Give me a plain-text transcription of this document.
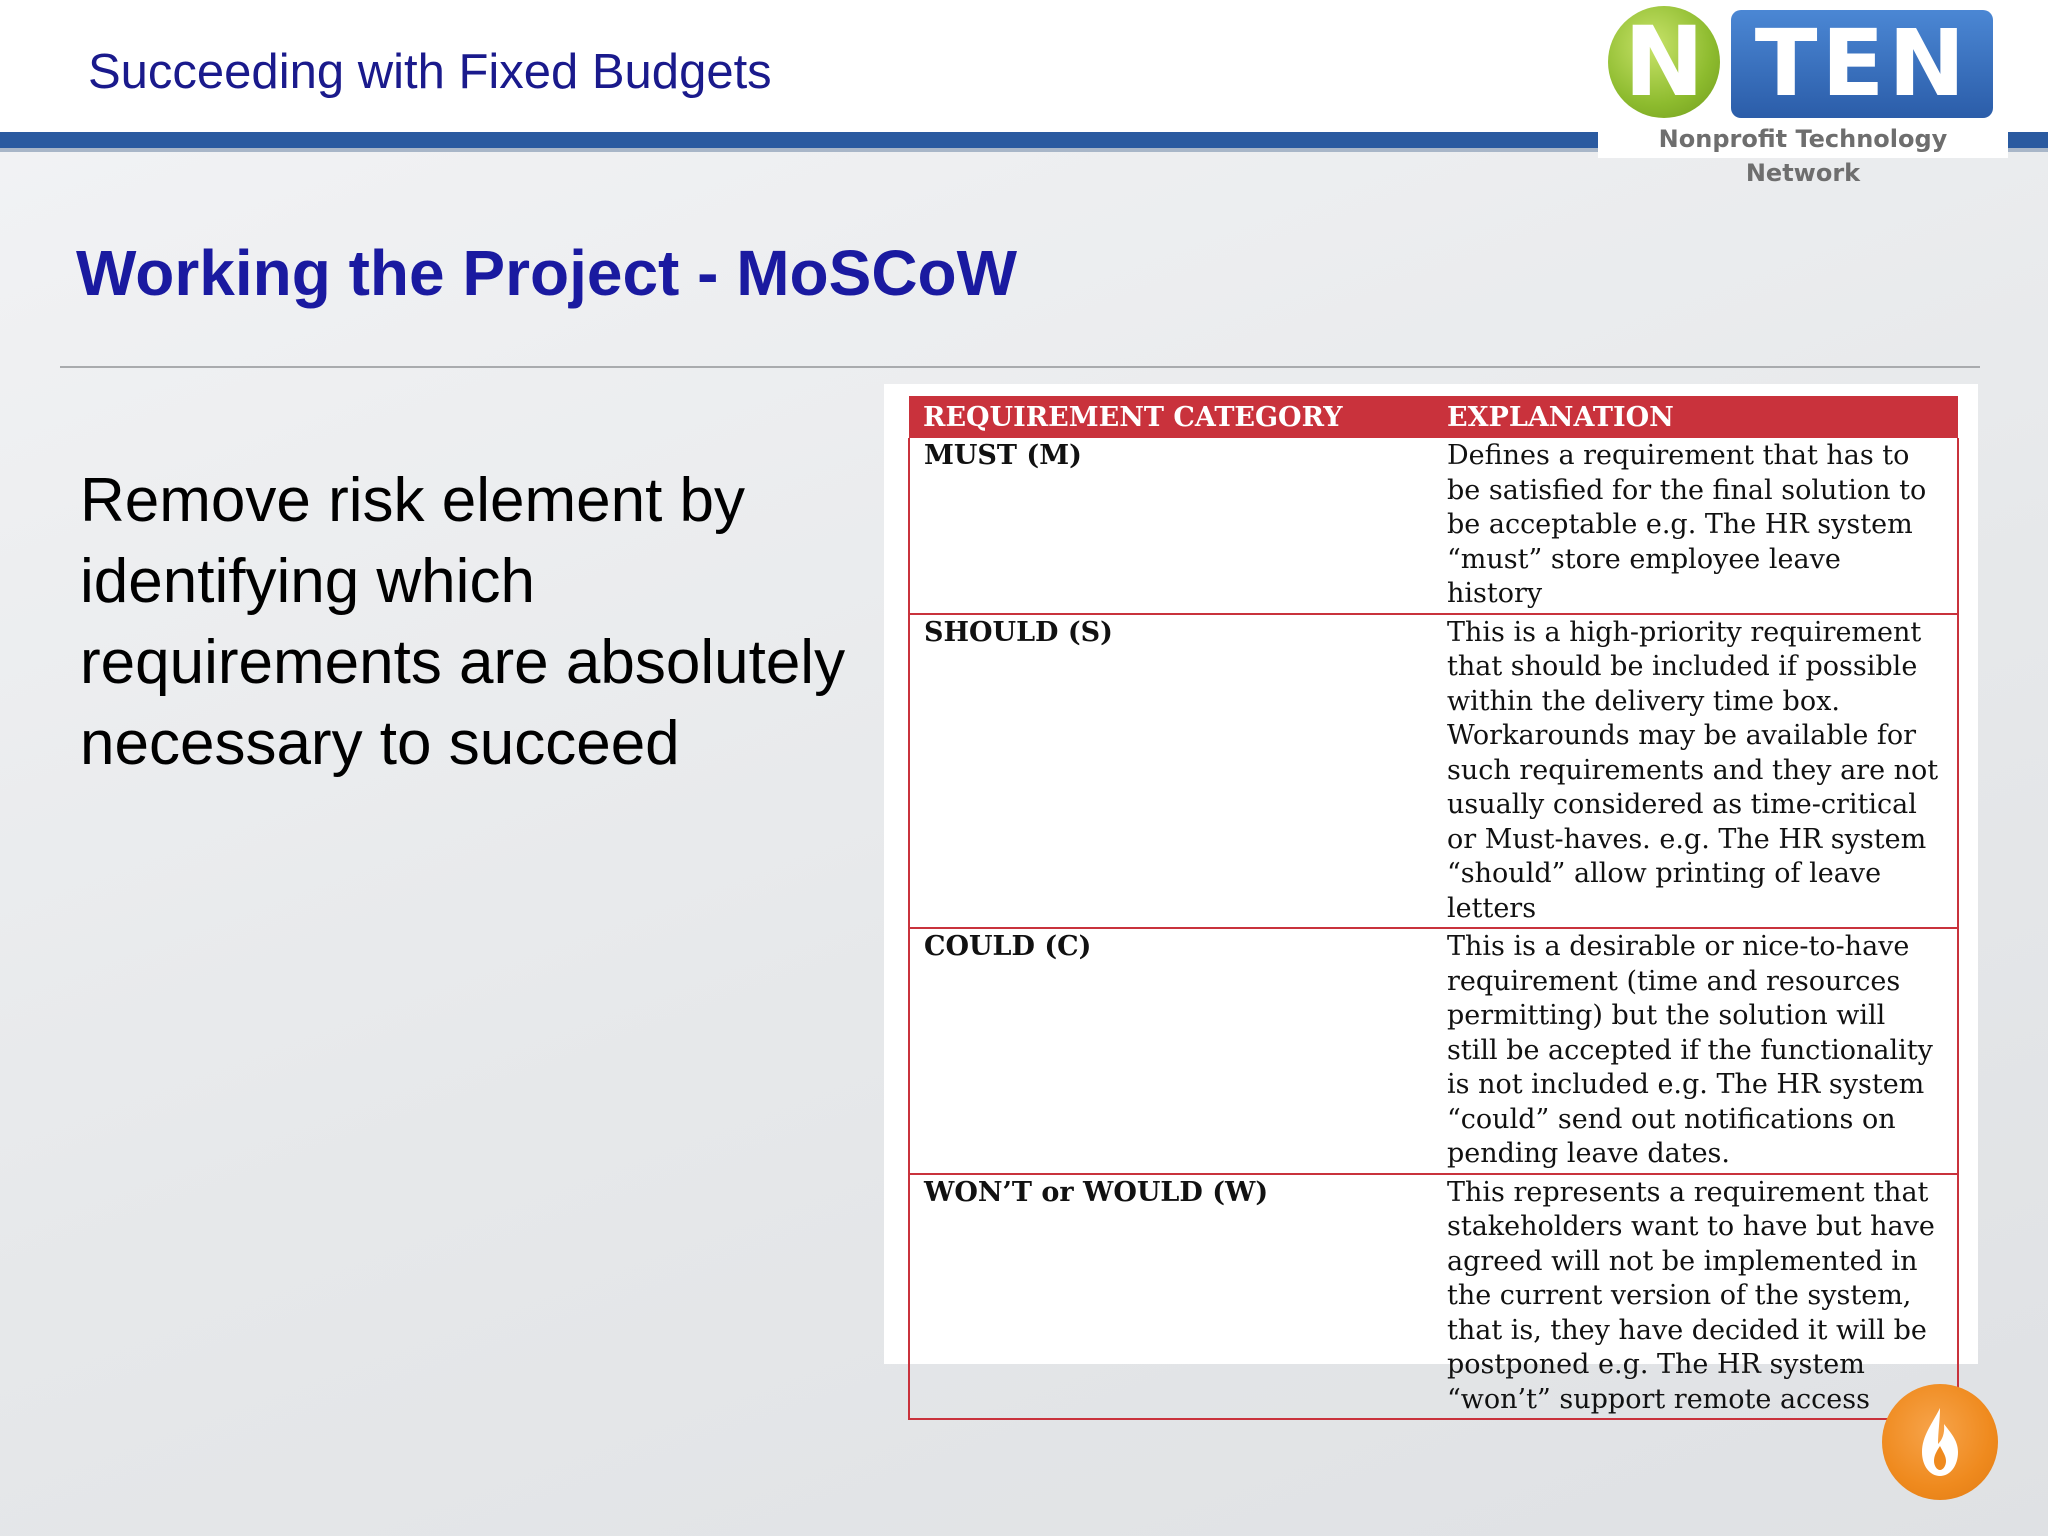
Succeeding with Fixed Budgets	N TEN
Nonprofit Technology Network
Working the Project - MoSCoW
Remove risk element by identifying which requirements are absolutely necessary to succeed
REQUIREMENT CATEGORY	EXPLANATION
MUST (M)	Defines a requirement that has to be satisfied for the final solution to be acceptable e.g. The HR system “must” store employee leave history
SHOULD (S)	This is a high-priority requirement that should be included if possible within the delivery time box. Workarounds may be available for such requirements and they are not usually considered as time-critical or Must-haves. e.g. The HR system “should” allow printing of leave letters
COULD (C)	This is a desirable or nice-to-have requirement (time and resources permitting) but the solution will still be accepted if the functionality is not included e.g. The HR system “could” send out notifications on pending leave dates.
WON’T or WOULD (W)	This represents a requirement that stakeholders want to have but have agreed will not be implemented in the current version of the system, that is, they have decided it will be postponed e.g. The HR system “won’t” support remote access
